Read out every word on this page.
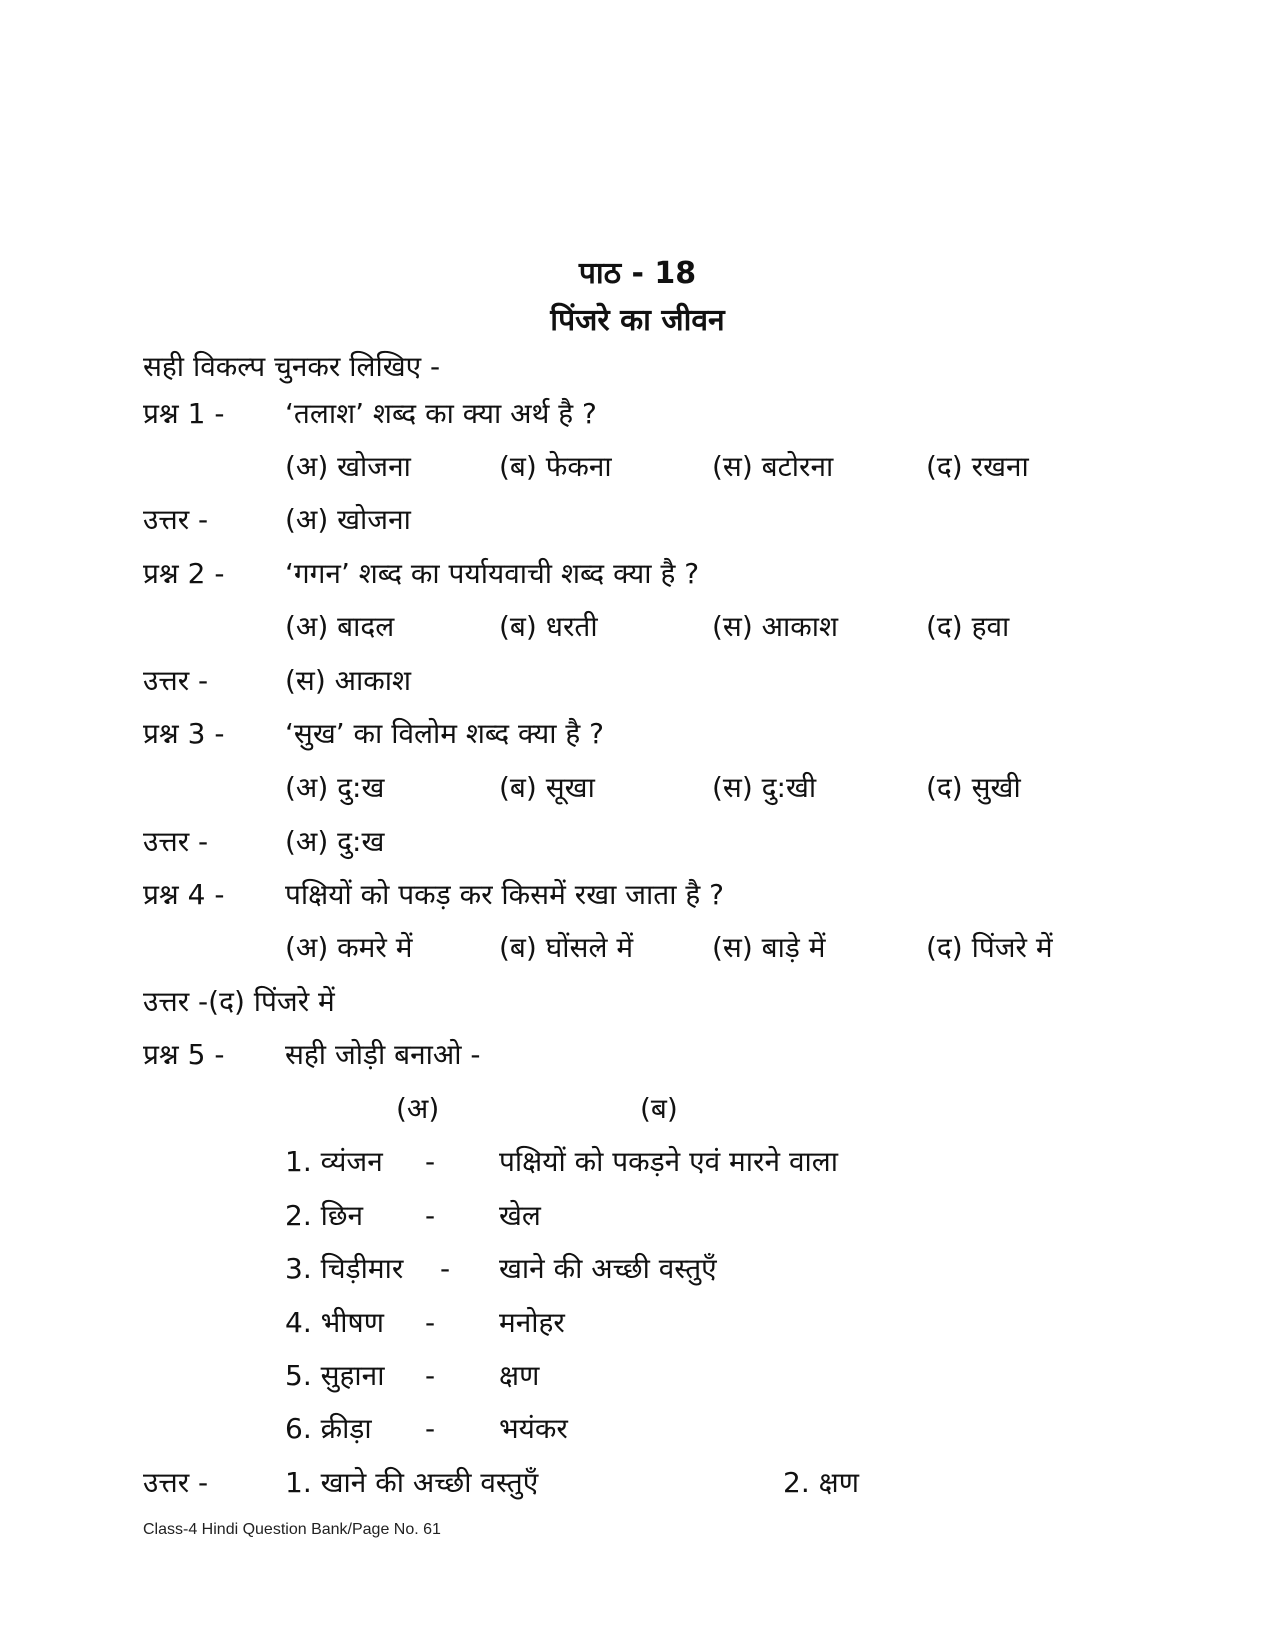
पाठ - 18
पिंजरे का जीवन
सही विकल्प चुनकर लिखिए -
प्रश्न 1 - ‘तलाश’ शब्द का क्या अर्थ है ?
(अ) खोजना	(ब) फेकना	(स) बटोरना	(द) रखना
उत्तर -	(अ) खोजना
प्रश्न 2 - ‘गगन’ शब्द का पर्यायवाची शब्द क्या है ?
(अ) बादल	(ब) धरती	(स) आकाश	(द) हवा
उत्तर -	(स) आकाश
प्रश्न 3 - ‘सुख’ का विलोम शब्द क्या है ?
(अ) दु:ख	(ब) सूखा	(स) दु:खी	(द) सुखी
उत्तर -	(अ) दु:ख
प्रश्न 4 - पक्षियों को पकड़ कर किसमें रखा जाता है ?
(अ) कमरे में	(ब) घोंसले में	(स) बाड़े में	(द) पिंजरे में
उत्तर -(द) पिंजरे में
प्रश्न 5 - सही जोड़ी बनाओ -
(अ)	(ब)
1. व्यंजन - पक्षियों को पकड़ने एवं मारने वाला
2. छिन - खेल
3. चिड़ीमार - खाने की अच्छी वस्तुएँ
4. भीषण - मनोहर
5. सुहाना - क्षण
6. क्रीड़ा - भयंकर
उत्तर -	1. खाने की अच्छी वस्तुएँ	2. क्षण
Class-4 Hindi Question Bank/Page No. 61
